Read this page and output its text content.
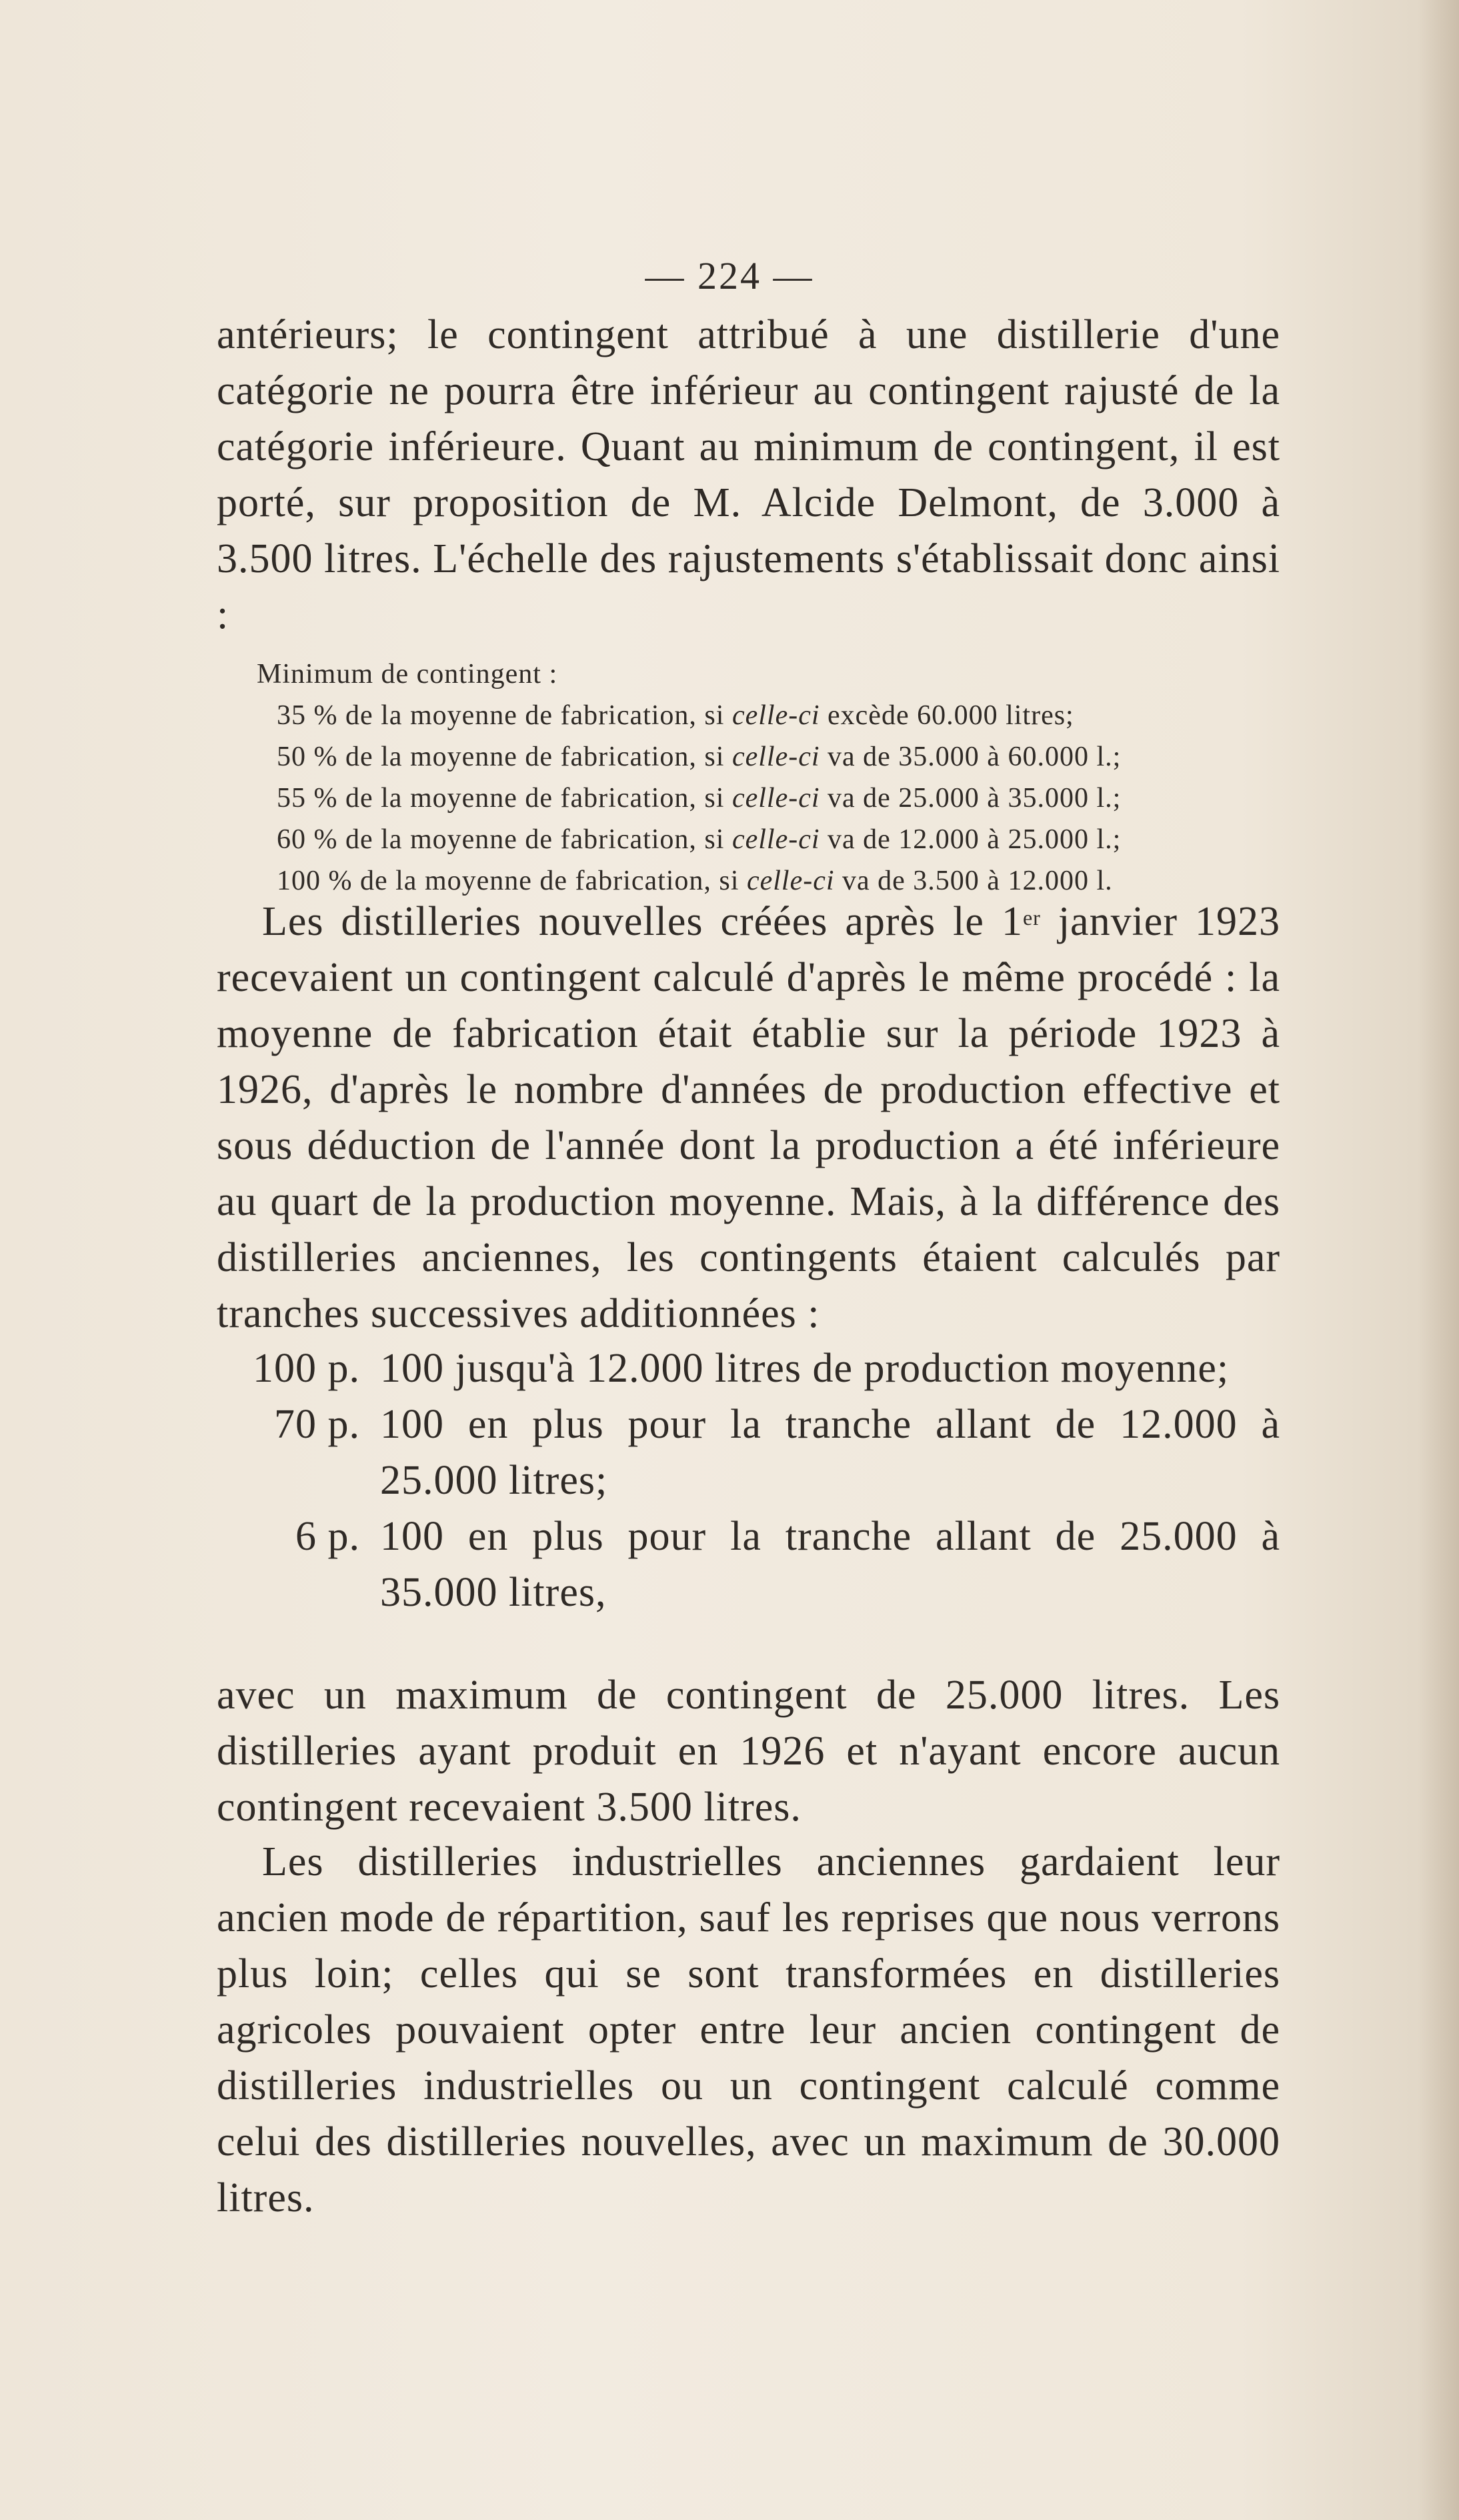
— 224 —

antérieurs; le contingent attribué à une distillerie d'une catégorie ne pourra être inférieur au contingent rajusté de la catégorie inférieure. Quant au minimum de contingent, il est porté, sur proposition de M. Alcide Delmont, de 3.000 à 3.500 litres. L'échelle des rajustements s'établissait donc ainsi :

Minimum de contingent :

35 % de la moyenne de fabrication, si celle-ci excède 60.000 litres;

50 % de la moyenne de fabrication, si celle-ci va de 35.000 à 60.000 l.;

55 % de la moyenne de fabrication, si celle-ci va de 25.000 à 35.000 l.;

60 % de la moyenne de fabrication, si celle-ci va de 12.000 à 25.000 l.;

100 % de la moyenne de fabrication, si celle-ci va de 3.500 à 12.000 l.

Les distilleries nouvelles créées après le 1er janvier 1923 recevaient un contingent calculé d'après le même procédé : la moyenne de fabrication était établie sur la période 1923 à 1926, d'après le nombre d'années de production effective et sous déduction de l'année dont la production a été inférieure au quart de la production moyenne. Mais, à la différence des distilleries anciennes, les contingents étaient calculés par tranches successives additionnées :

100 p. 100 jusqu'à 12.000 litres de production moyenne;

70 p. 100 en plus pour la tranche allant de 12.000 à 25.000 litres;

6 p. 100 en plus pour la tranche allant de 25.000 à 35.000 litres,

avec un maximum de contingent de 25.000 litres. Les distilleries ayant produit en 1926 et n'ayant encore aucun contingent recevaient 3.500 litres.

Les distilleries industrielles anciennes gardaient leur ancien mode de répartition, sauf les reprises que nous verrons plus loin; celles qui se sont transformées en distilleries agricoles pouvaient opter entre leur ancien contingent de distilleries industrielles ou un contingent calculé comme celui des distilleries nouvelles, avec un maximum de 30.000 litres.
